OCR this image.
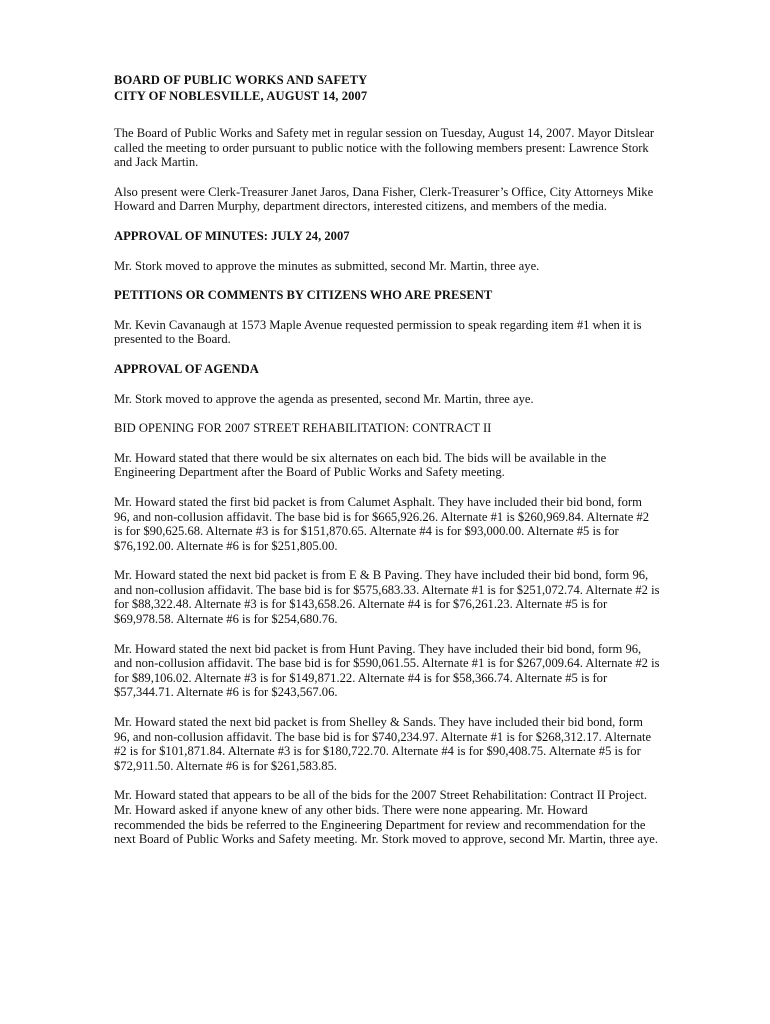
BOARD OF PUBLIC WORKS AND SAFETY
CITY OF NOBLESVILLE, AUGUST 14, 2007

The Board of Public Works and Safety met in regular session on Tuesday, August 14, 2007. Mayor Ditslear called the meeting to order pursuant to public notice with the following members present: Lawrence Stork and Jack Martin.

Also present were Clerk-Treasurer Janet Jaros, Dana Fisher, Clerk-Treasurer’s Office, City Attorneys Mike Howard and Darren Murphy, department directors, interested citizens, and members of the media.

APPROVAL OF MINUTES: JULY 24, 2007

Mr. Stork moved to approve the minutes as submitted, second Mr. Martin, three aye.

PETITIONS OR COMMENTS BY CITIZENS WHO ARE PRESENT

Mr. Kevin Cavanaugh at 1573 Maple Avenue requested permission to speak regarding item #1 when it is presented to the Board.

APPROVAL OF AGENDA

Mr. Stork moved to approve the agenda as presented, second Mr. Martin, three aye.

BID OPENING FOR 2007 STREET REHABILITATION: CONTRACT II

Mr. Howard stated that there would be six alternates on each bid. The bids will be available in the Engineering Department after the Board of Public Works and Safety meeting.

Mr. Howard stated the first bid packet is from Calumet Asphalt. They have included their bid bond, form 96, and non-collusion affidavit. The base bid is for $665,926.26. Alternate #1 is $260,969.84. Alternate #2 is for $90,625.68. Alternate #3 is for $151,870.65. Alternate #4 is for $93,000.00. Alternate #5 is for $76,192.00. Alternate #6 is for $251,805.00.

Mr. Howard stated the next bid packet is from E & B Paving. They have included their bid bond, form 96, and non-collusion affidavit. The base bid is for $575,683.33. Alternate #1 is for $251,072.74. Alternate #2 is for $88,322.48. Alternate #3 is for $143,658.26. Alternate #4 is for $76,261.23. Alternate #5 is for $69,978.58. Alternate #6 is for $254,680.76.

Mr. Howard stated the next bid packet is from Hunt Paving. They have included their bid bond, form 96, and non-collusion affidavit. The base bid is for $590,061.55. Alternate #1 is for $267,009.64. Alternate #2 is for $89,106.02. Alternate #3 is for $149,871.22. Alternate #4 is for $58,366.74. Alternate #5 is for $57,344.71. Alternate #6 is for $243,567.06.

Mr. Howard stated the next bid packet is from Shelley & Sands. They have included their bid bond, form 96, and non-collusion affidavit. The base bid is for $740,234.97. Alternate #1 is for $268,312.17. Alternate #2 is for $101,871.84. Alternate #3 is for $180,722.70. Alternate #4 is for $90,408.75. Alternate #5 is for $72,911.50. Alternate #6 is for $261,583.85.

Mr. Howard stated that appears to be all of the bids for the 2007 Street Rehabilitation: Contract II Project. Mr. Howard asked if anyone knew of any other bids. There were none appearing. Mr. Howard recommended the bids be referred to the Engineering Department for review and recommendation for the next Board of Public Works and Safety meeting. Mr. Stork moved to approve, second Mr. Martin, three aye.
